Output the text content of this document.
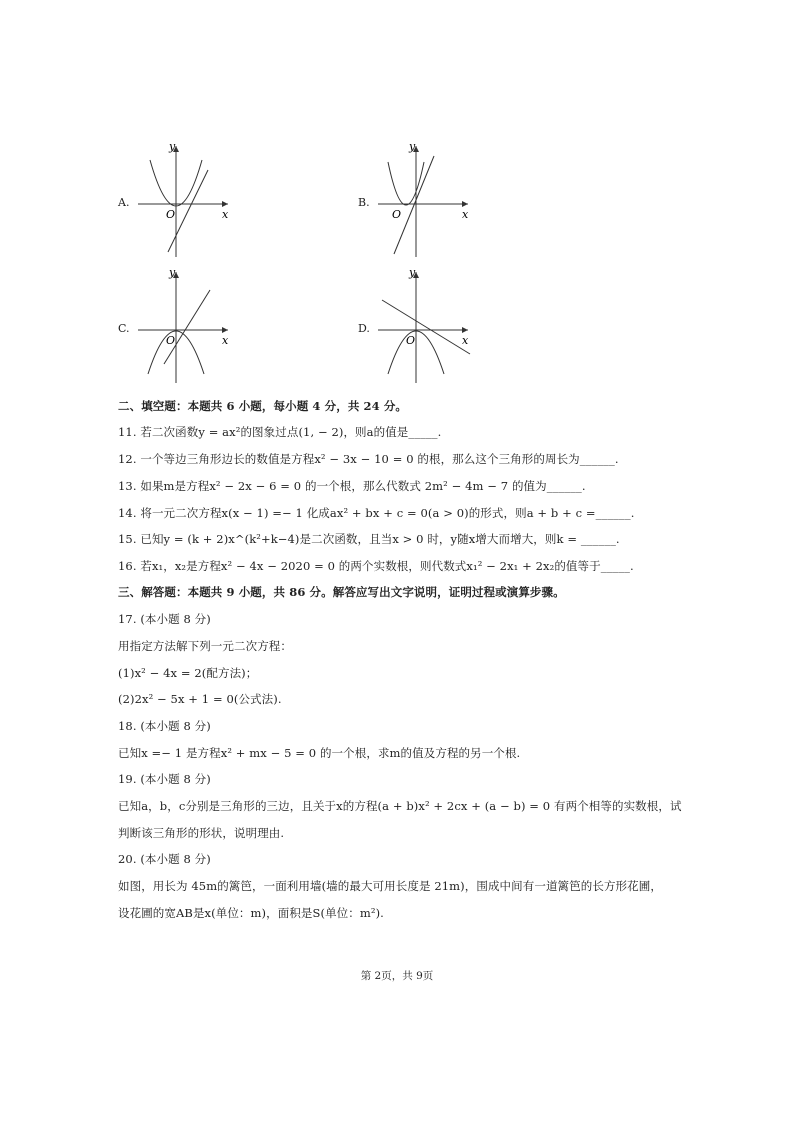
A.
y
x
O
B.
y
x
O
C.
y
x
O
D.
y
x
O
二、填空题：本题共 6 小题，每小题 4 分，共 24 分。
11. 若二次函数y = ax²的图象过点(1, − 2)，则a的值是_____.
12. 一个等边三角形边长的数值是方程x² − 3x − 10 = 0 的根，那么这个三角形的周长为______.
13. 如果m是方程x² − 2x − 6 = 0 的一个根，那么代数式 2m² − 4m − 7 的值为______.
14. 将一元二次方程x(x − 1) =− 1 化成ax² + bx + c = 0(a > 0)的形式，则a + b + c =______.
15. 已知y = (k + 2)x^(k²+k−4)是二次函数，且当x > 0 时，y随x增大而增大，则k = ______.
16. 若x₁，x₂是方程x² − 4x − 2020 = 0 的两个实数根，则代数式x₁² − 2x₁ + 2x₂的值等于_____.
三、解答题：本题共 9 小题，共 86 分。解答应写出文字说明，证明过程或演算步骤。
17. (本小题 8 分)
用指定方法解下列一元二次方程：
(1)x² − 4x = 2(配方法)；
(2)2x² − 5x + 1 = 0(公式法).
18. (本小题 8 分)
已知x =− 1 是方程x² + mx − 5 = 0 的一个根，求m的值及方程的另一个根.
19. (本小题 8 分)
已知a，b，c分别是三角形的三边，且关于x的方程(a + b)x² + 2cx + (a − b) = 0 有两个相等的实数根，试
判断该三角形的形状，说明理由.
20. (本小题 8 分)
如图，用长为 45m的篱笆，一面利用墙(墙的最大可用长度是 21m)，围成中间有一道篱笆的长方形花圃，
设花圃的宽AB是x(单位：m)，面积是S(单位：m²).
第 2页，共 9页
